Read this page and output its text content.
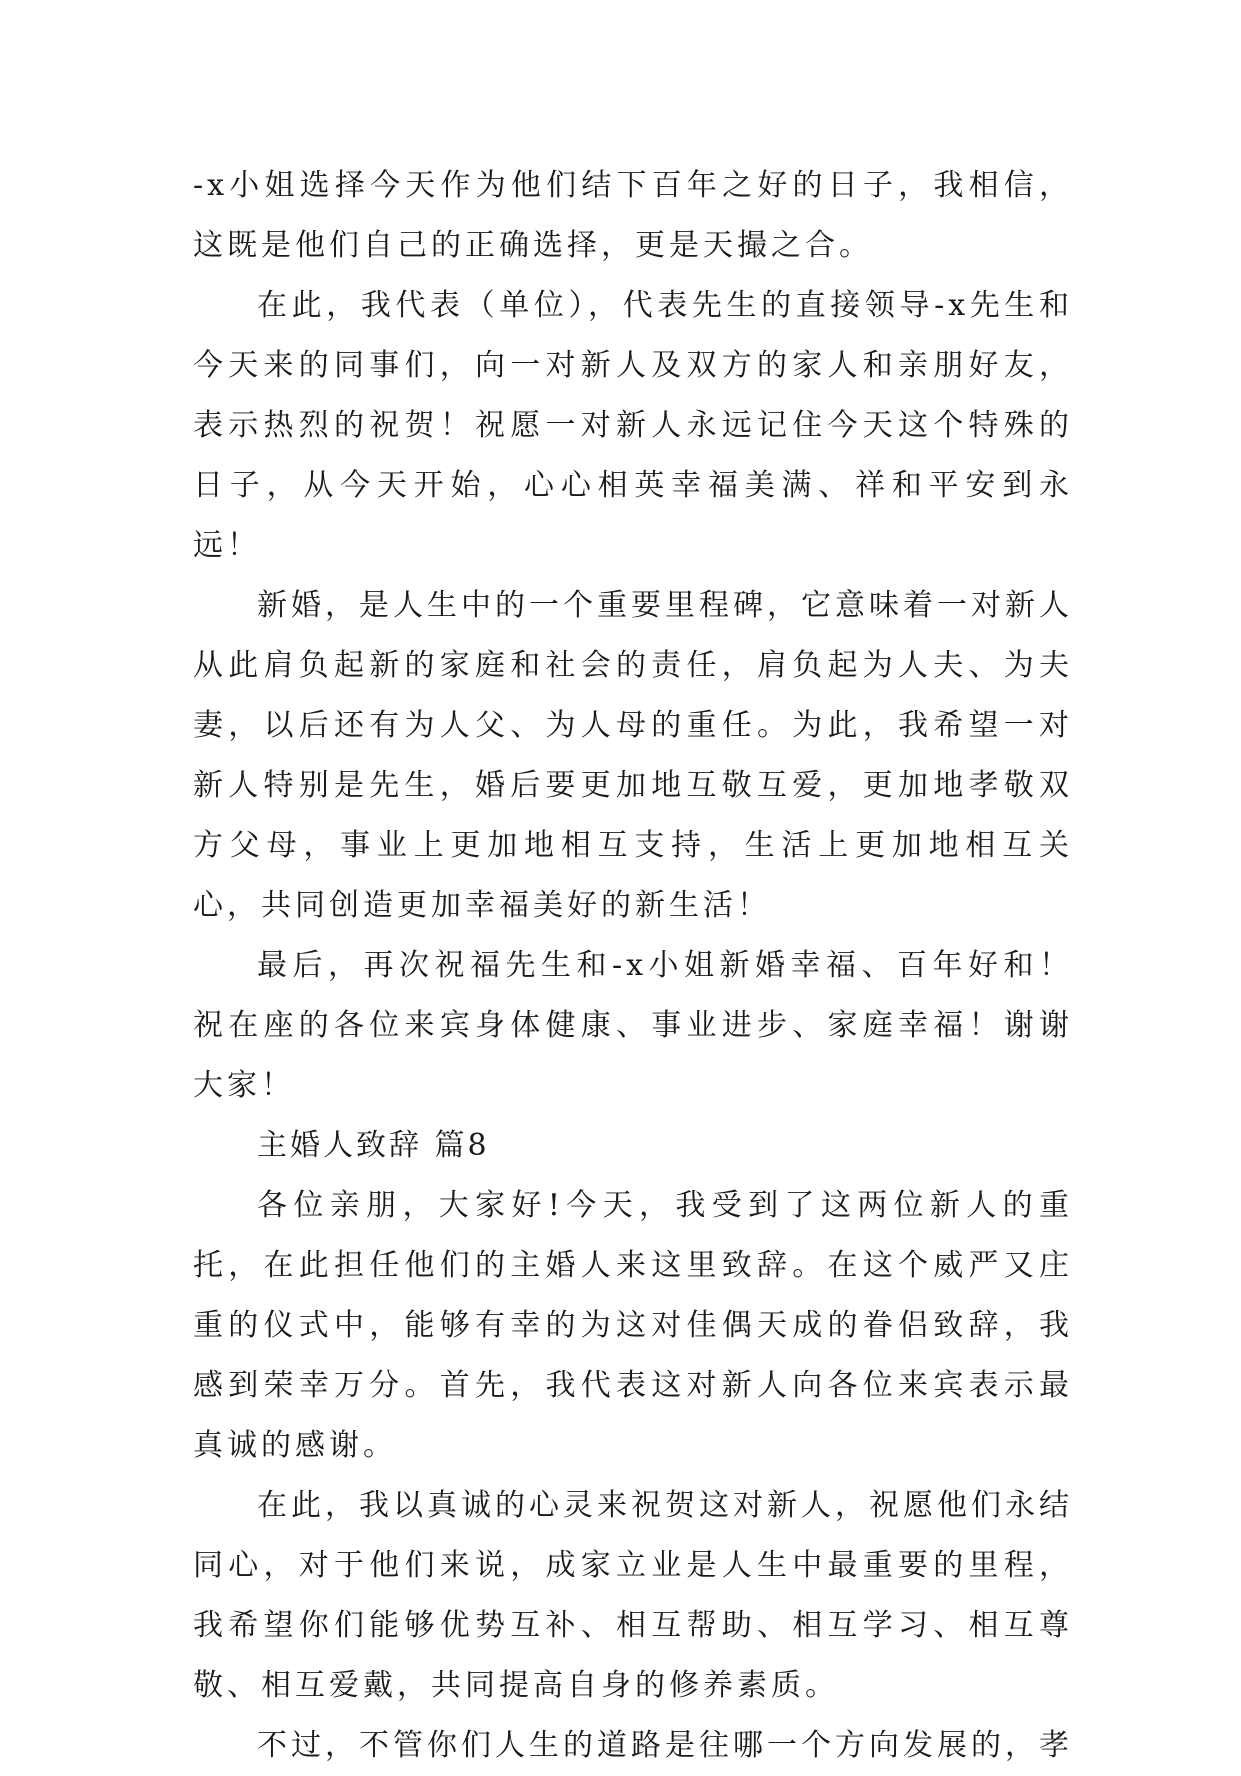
-x小姐选择今天作为他们结下百年之好的日子，我相信，这既是他们自己的正确选择，更是天撮之合。

在此，我代表（单位），代表先生的直接领导-x先生和今天来的同事们，向一对新人及双方的家人和亲朋好友，表示热烈的祝贺！祝愿一对新人永远记住今天这个特殊的日子，从今天开始，心心相英幸福美满、祥和平安到永远！

新婚，是人生中的一个重要里程碑，它意味着一对新人从此肩负起新的家庭和社会的责任，肩负起为人夫、为夫妻，以后还有为人父、为人母的重任。为此，我希望一对新人特别是先生，婚后要更加地互敬互爱，更加地孝敬双方父母，事业上更加地相互支持，生活上更加地相互关心，共同创造更加幸福美好的新生活！

最后，再次祝福先生和-x小姐新婚幸福、百年好和！祝在座的各位来宾身体健康、事业进步、家庭幸福！谢谢大家！

主婚人致辞 篇8

各位亲朋，大家好!今天，我受到了这两位新人的重托，在此担任他们的主婚人来这里致辞。在这个威严又庄重的仪式中，能够有幸的为这对佳偶天成的眷侣致辞，我感到荣幸万分。首先，我代表这对新人向各位来宾表示最真诚的感谢。

在此，我以真诚的心灵来祝贺这对新人，祝愿他们永结同心，对于他们来说，成家立业是人生中最重要的里程，我希望你们能够优势互补、相互帮助、相互学习、相互尊敬、相互爱戴，共同提高自身的修养素质。

不过，不管你们人生的道路是往哪一个方向发展的，孝
